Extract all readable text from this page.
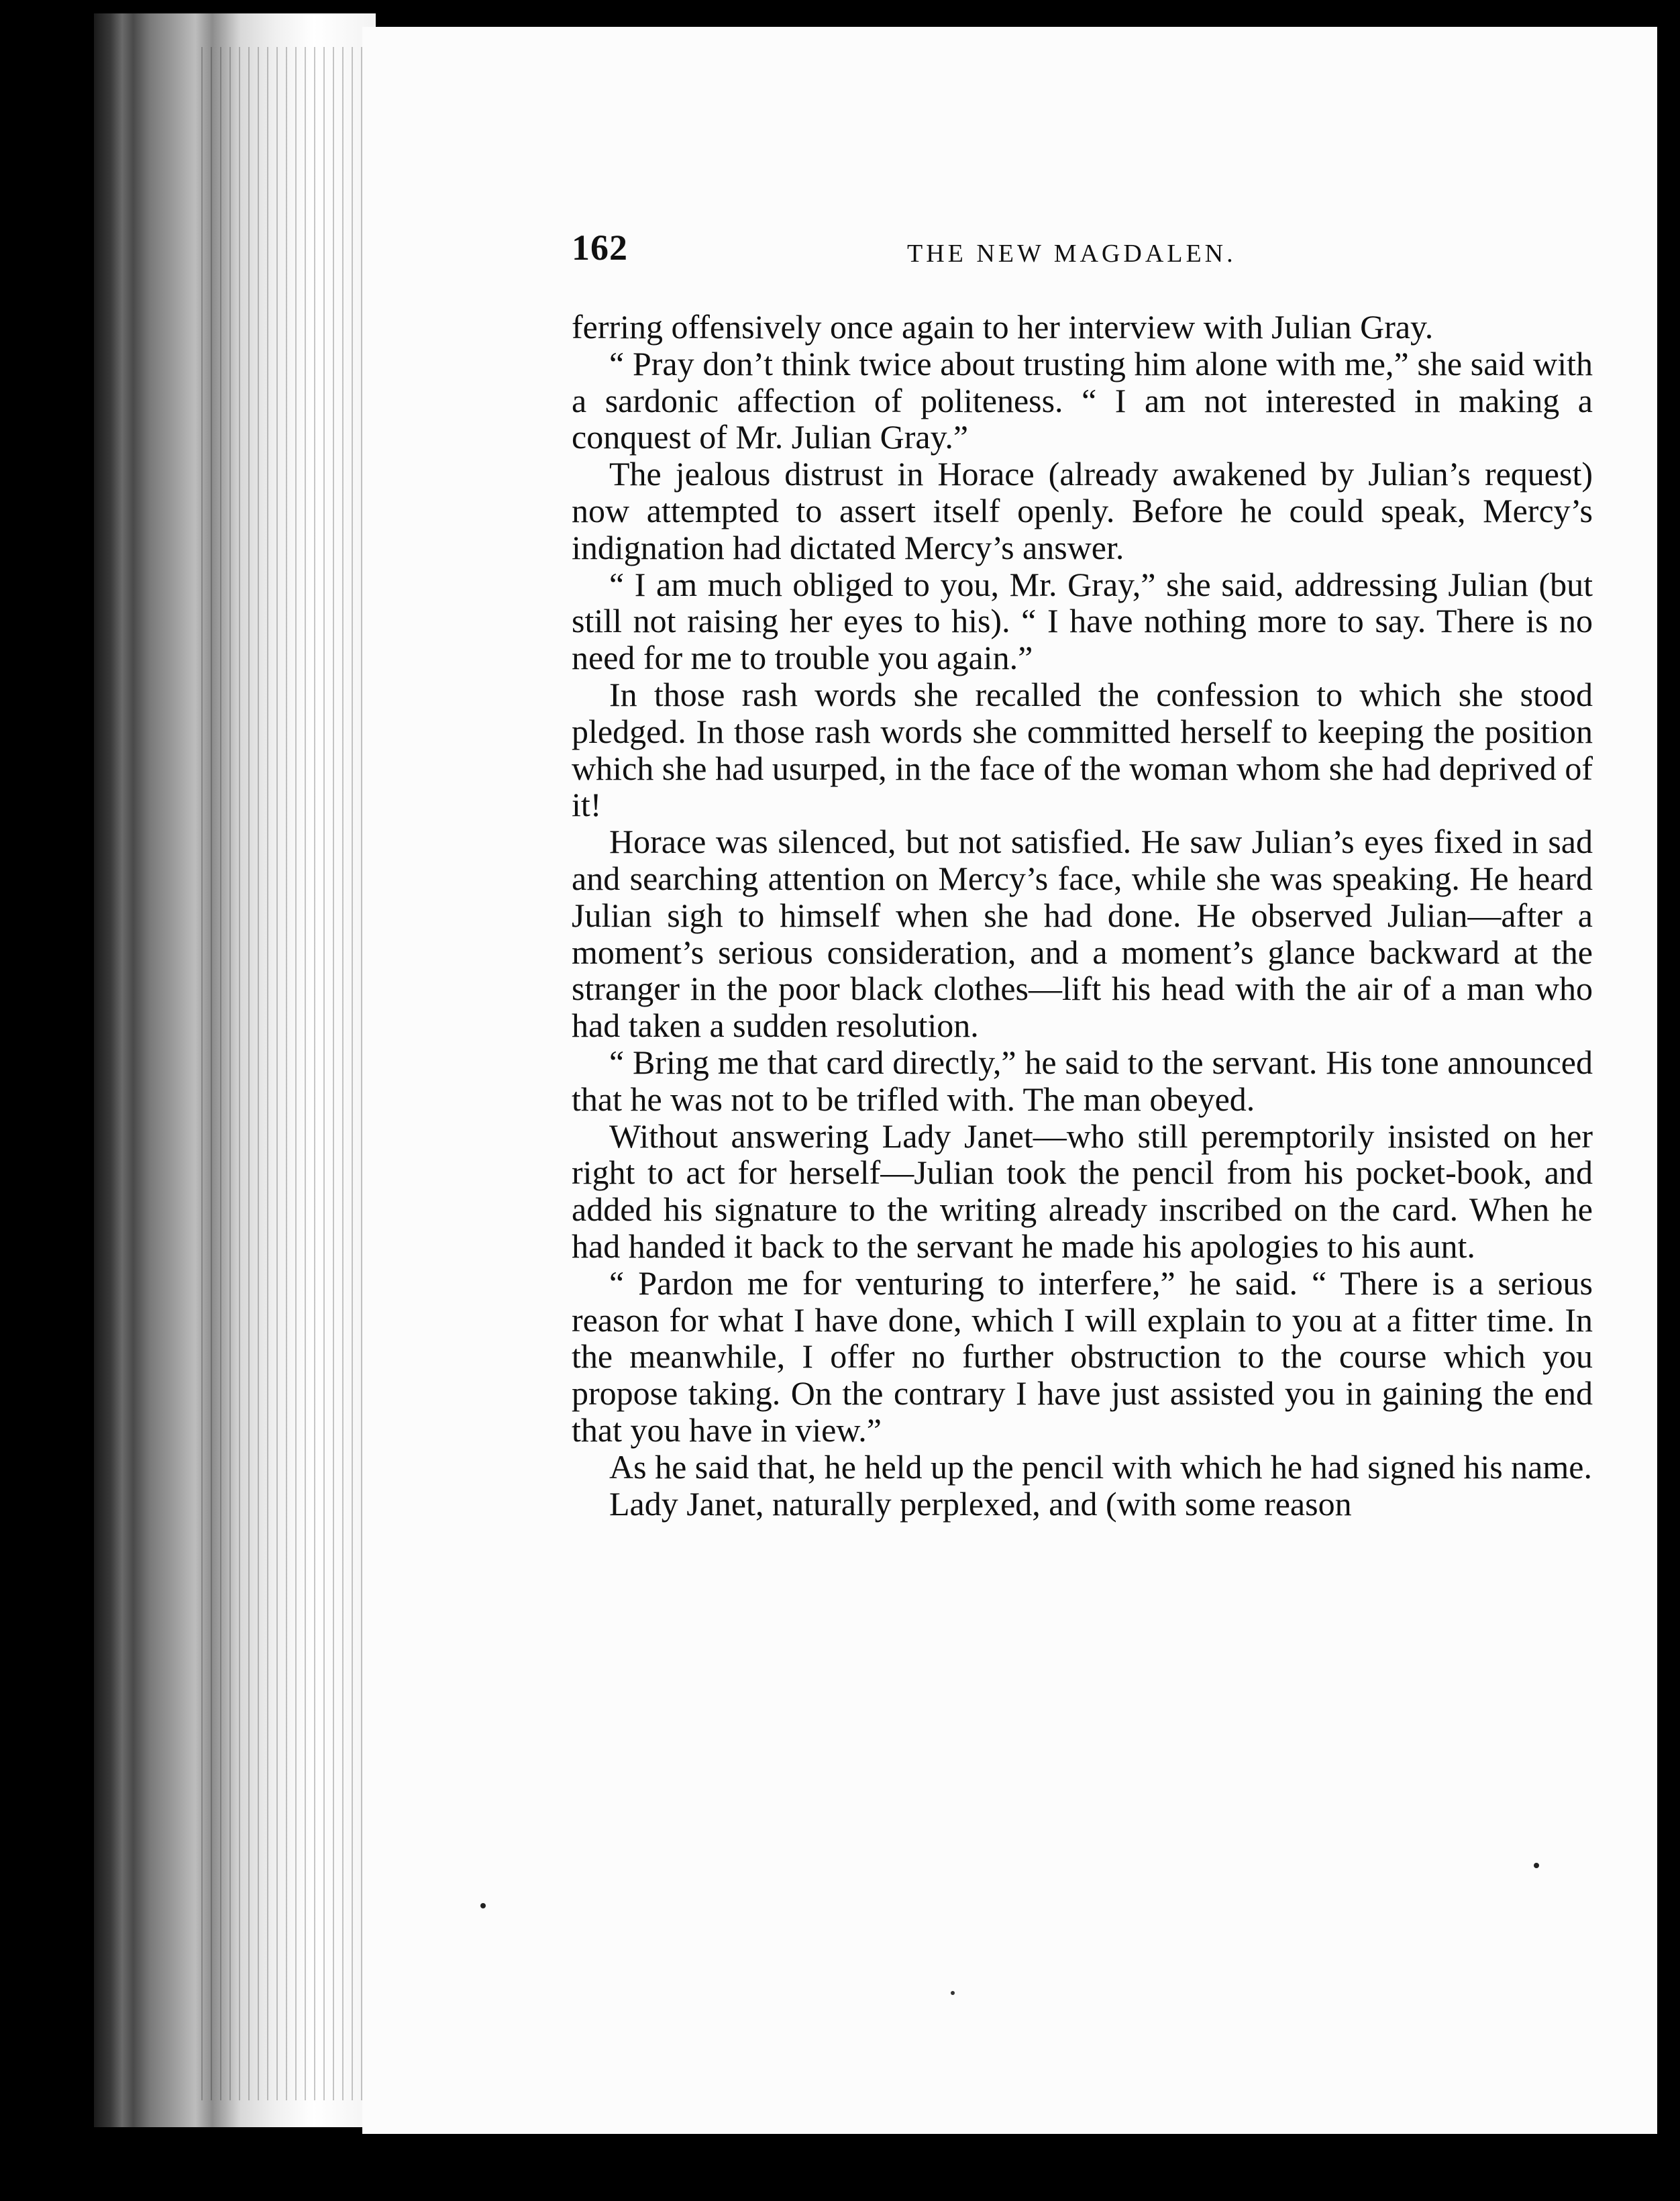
162	THE NEW MAGDALEN.

ferring offensively once again to her interview with Julian Gray.

“ Pray don’t think twice about trusting him alone with me,” she said with a sardonic affection of politeness. “ I am not interested in making a conquest of Mr. Julian Gray.”

The jealous distrust in Horace (already awakened by Julian’s request) now attempted to assert itself openly. Before he could speak, Mercy’s indignation had dictated Mercy’s answer.

“ I am much obliged to you, Mr. Gray,” she said, addressing Julian (but still not raising her eyes to his). “ I have nothing more to say. There is no need for me to trouble you again.”

In those rash words she recalled the confession to which she stood pledged. In those rash words she committed herself to keeping the position which she had usurped, in the face of the woman whom she had deprived of it!

Horace was silenced, but not satisfied. He saw Julian’s eyes fixed in sad and searching attention on Mercy’s face, while she was speaking. He heard Julian sigh to himself when she had done. He observed Julian—after a moment’s serious consideration, and a moment’s glance backward at the stranger in the poor black clothes—lift his head with the air of a man who had taken a sudden resolution.

“ Bring me that card directly,” he said to the servant. His tone announced that he was not to be trifled with. The man obeyed.

Without answering Lady Janet—who still peremptorily insisted on her right to act for herself—Julian took the pencil from his pocket-book, and added his signature to the writing already inscribed on the card. When he had handed it back to the servant he made his apologies to his aunt.

“ Pardon me for venturing to interfere,” he said. “ There is a serious reason for what I have done, which I will explain to you at a fitter time. In the meanwhile, I offer no further obstruction to the course which you propose taking. On the contrary I have just assisted you in gaining the end that you have in view.”

As he said that, he held up the pencil with which he had signed his name.

Lady Janet, naturally perplexed, and (with some reason
